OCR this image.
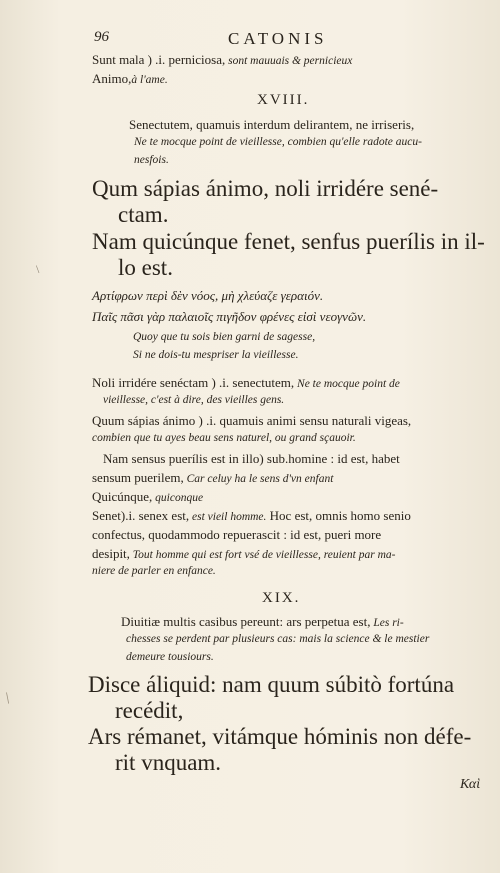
96	CATONIS
Sunt mala ) .i. perniciosa, sont mauuais & pernicieux
Animo,à l'ame.
XVIII.
Senectutem, quamuis interdum delirantem, ne irriseris,
Ne te mocque point de vieillesse, combien qu'elle radote aucu-
nesfois.
Qum sápias ánimo, noli irridére sené-
ctam.
Nam quicúnque fenet, senfus puerílis in il-
lo est.
\
Αρτίφρων περὶ δὲν νόος, μὴ χλεύαζε γεραιόν.
Παῖς πᾶσι γὰρ παλαιοῖς πιγῆδον φρένες εἰσὶ νεογνῶν.
Quoy que tu sois bien garni de sagesse,
Si ne dois-tu mespriser la vieillesse.
Noli irridére senéctam ) .i. senectutem, Ne te mocque point de
vieillesse, c'est à dire, des vieilles gens.
Quum sápias ánimo ) .i. quamuis animi sensu naturali vigeas,
combien que tu ayes beau sens naturel, ou grand sçauoir.
Nam sensus puerílis est in illo) sub.homine : id est, habet
sensum puerilem, Car celuy ha le sens d'vn enfant
Quicúnque, quiconque
Senet).i. senex est, est vieil homme. Hoc est, omnis homo senio
confectus, quodammodo repuerascit : id est, pueri more
desipit, Tout homme qui est fort vsé de vieillesse, reuient par ma-
niere de parler en enfance.
XIX.
Diuitiæ multis casibus pereunt: ars perpetua est, Les ri-
chesses se perdent par plusieurs cas: mais la science & le mestier
demeure tousiours.
/
Disce áliquid: nam quum súbitò fortúna
recédit,
Ars rémanet, vitámque hóminis non défe-
rit vnquam.
Καὶ
